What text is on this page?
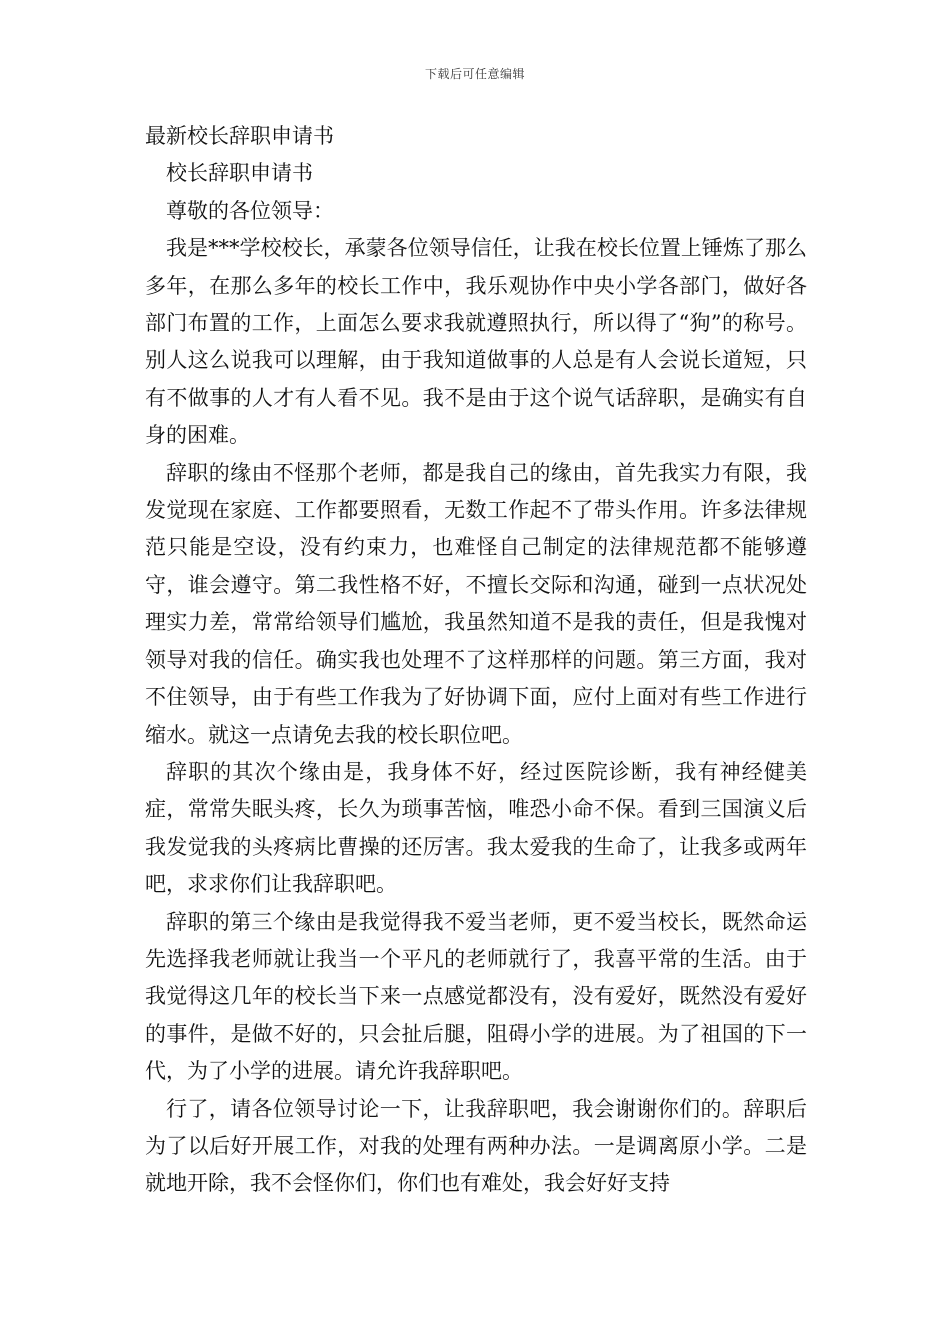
下载后可任意编辑

最新校长辞职申请书

校长辞职申请书

尊敬的各位领导：

我是***学校校长，承蒙各位领导信任，让我在校长位置上锤炼了那么多年，在那么多年的校长工作中，我乐观协作中央小学各部门，做好各部门布置的工作，上面怎么要求我就遵照执行，所以得了“狗”的称号。别人这么说我可以理解，由于我知道做事的人总是有人会说长道短，只有不做事的人才有人看不见。我不是由于这个说气话辞职，是确实有自身的困难。

辞职的缘由不怪那个老师，都是我自己的缘由，首先我实力有限，我发觉现在家庭、工作都要照看，无数工作起不了带头作用。许多法律规范只能是空设，没有约束力，也难怪自己制定的法律规范都不能够遵守，谁会遵守。第二我性格不好，不擅长交际和沟通，碰到一点状况处理实力差，常常给领导们尴尬，我虽然知道不是我的责任，但是我愧对领导对我的信任。确实我也处理不了这样那样的问题。第三方面，我对不住领导，由于有些工作我为了好协调下面，应付上面对有些工作进行缩水。就这一点请免去我的校长职位吧。

辞职的其次个缘由是，我身体不好，经过医院诊断，我有神经健美症，常常失眠头疼，长久为琐事苦恼，唯恐小命不保。看到三国演义后我发觉我的头疼病比曹操的还厉害。我太爱我的生命了，让我多或两年吧，求求你们让我辞职吧。

辞职的第三个缘由是我觉得我不爱当老师，更不爱当校长，既然命运先选择我老师就让我当一个平凡的老师就行了，我喜平常的生活。由于我觉得这几年的校长当下来一点感觉都没有，没有爱好，既然没有爱好的事件，是做不好的，只会扯后腿，阻碍小学的进展。为了祖国的下一代，为了小学的进展。请允许我辞职吧。

行了，请各位领导讨论一下，让我辞职吧，我会谢谢你们的。辞职后为了以后好开展工作，对我的处理有两种办法。一是调离原小学。二是就地开除，我不会怪你们，你们也有难处，我会好好支持
